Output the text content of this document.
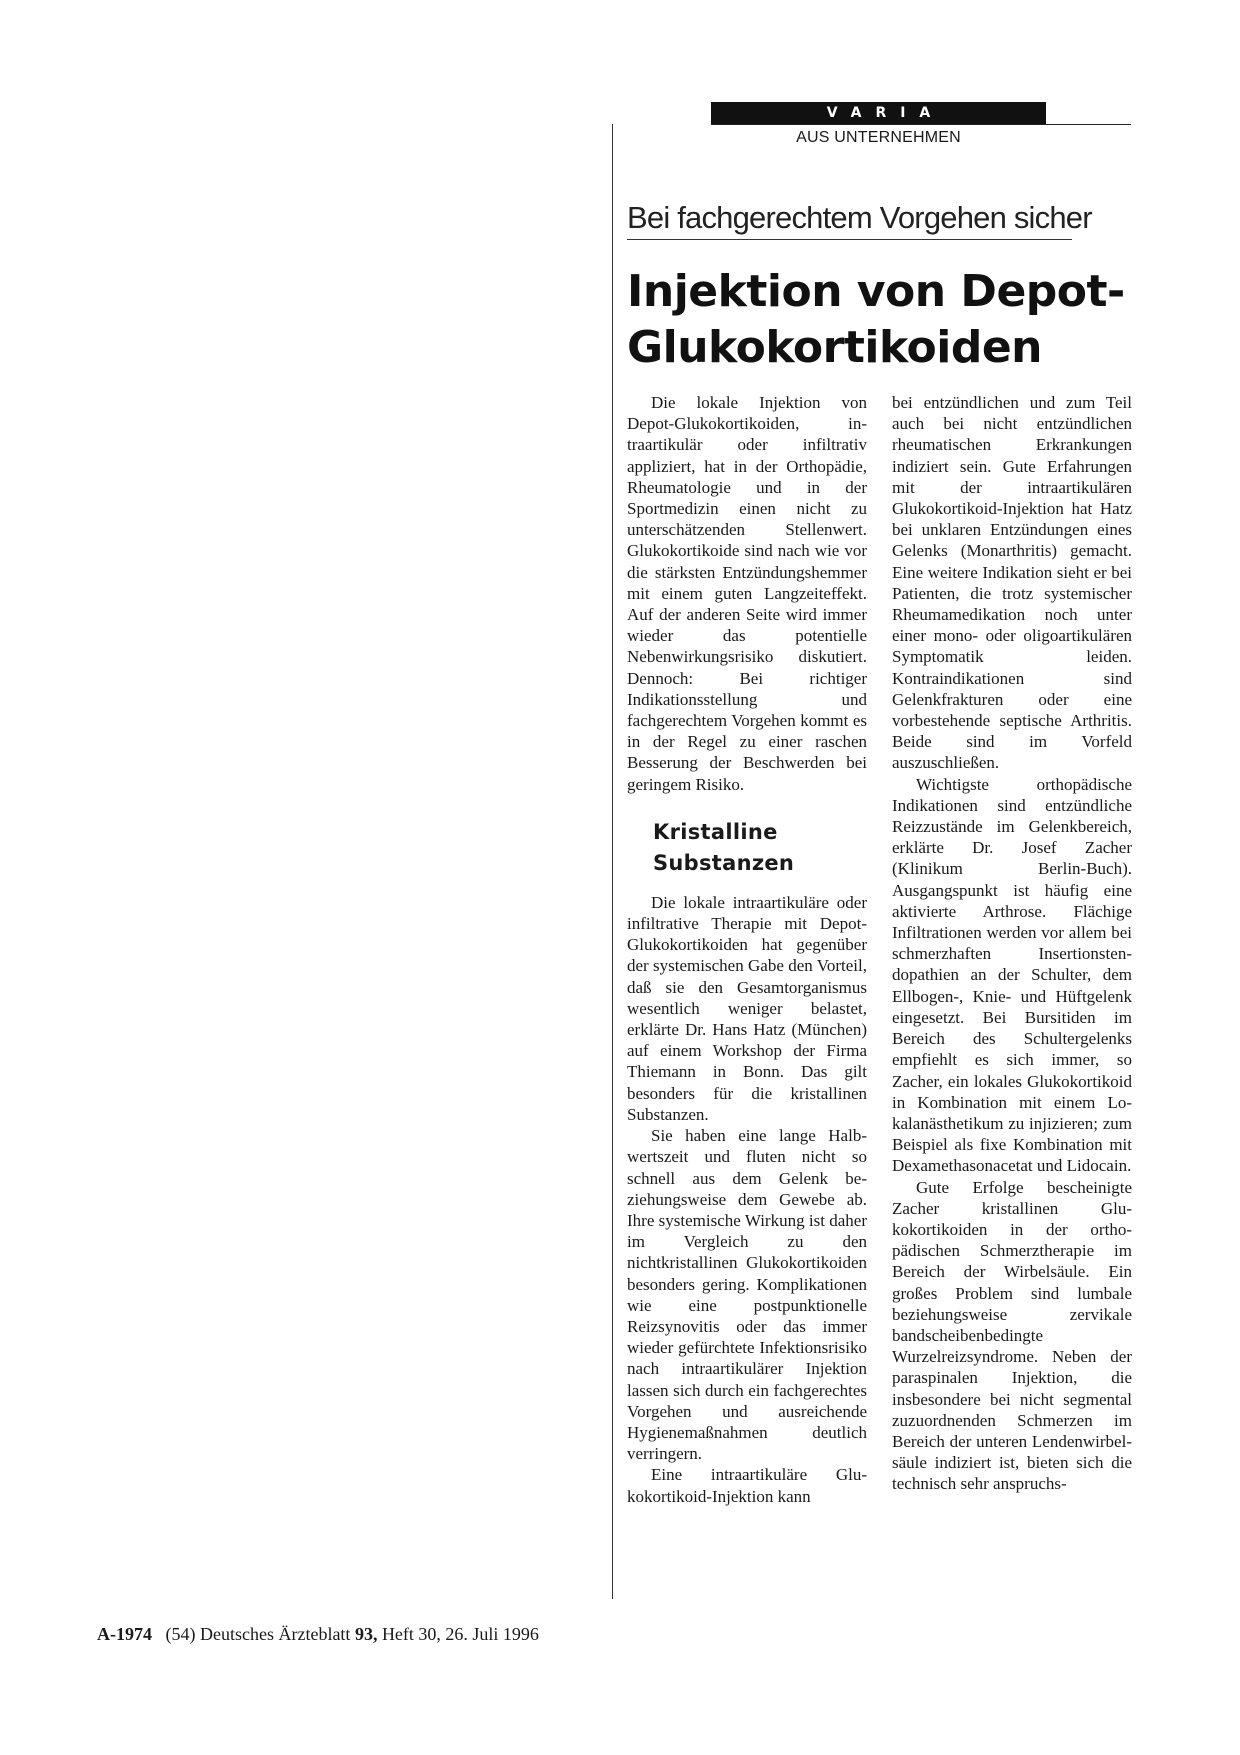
VARIA
AUS UNTERNEHMEN
Bei fachgerechtem Vorgehen sicher
Injektion von Depot-
Glukokortikoiden

Die lokale Injektion von Depot-Glukokortikoiden, intraartikulär oder infiltrativ appliziert, hat in der Orthopädie, Rheumatologie und in der Sportmedizin einen nicht zu unterschätzenden Stellenwert. Glukokortikoide sind nach wie vor die stärksten Entzündungshemmer mit einem guten Langzeiteffekt. Auf der anderen Seite wird immer wieder das potentielle Nebenwirkungsrisiko diskutiert. Dennoch: Bei richtiger Indikationsstellung und fachgerechtem Vorgehen kommt es in der Regel zu einer raschen Besserung der Beschwerden bei geringem Risiko.

Kristalline
Substanzen

Die lokale intraartikuläre oder infiltrative Therapie mit Depot-Glukokortikoiden hat gegenüber der systemischen Gabe den Vorteil, daß sie den Gesamtorganismus wesentlich weniger belastet, erklärte Dr. Hans Hatz (München) auf einem Workshop der Firma Thiemann in Bonn. Das gilt besonders für die kristallinen Substanzen.

Sie haben eine lange Halbwertszeit und fluten nicht so schnell aus dem Gelenk beziehungsweise dem Gewebe ab. Ihre systemische Wirkung ist daher im Vergleich zu den nichtkristallinen Glukokortikoiden besonders gering. Komplikationen wie eine postpunktionelle Reizsynovitis oder das immer wieder gefürchtete Infektionsrisiko nach intraartikulärer Injektion lassen sich durch ein fachgerechtes Vorgehen und ausreichende Hygienemaßnahmen deutlich verringern.

Eine intraartikuläre Glukokortikoid-Injektion kann

bei entzündlichen und zum Teil auch bei nicht entzündlichen rheumatischen Erkrankungen indiziert sein. Gute Erfahrungen mit der intraartikulären Glukokortikoid-Injektion hat Hatz bei unklaren Entzündungen eines Gelenks (Monarthritis) gemacht. Eine weitere Indikation sieht er bei Patienten, die trotz systemischer Rheumamedikation noch unter einer mono- oder oligoartikulären Symptomatik leiden. Kontraindikationen sind Gelenkfrakturen oder eine vorbestehende septische Arthritis. Beide sind im Vorfeld auszuschließen.

Wichtigste orthopädische Indikationen sind entzündliche Reizzustände im Gelenkbereich, erklärte Dr. Josef Zacher (Klinikum Berlin-Buch). Ausgangspunkt ist häufig eine aktivierte Arthrose. Flächige Infiltrationen werden vor allem bei schmerzhaften Insertionstendopathien an der Schulter, dem Ellbogen-, Knie- und Hüftgelenk eingesetzt. Bei Bursitiden im Bereich des Schultergelenks empfiehlt es sich immer, so Zacher, ein lokales Glukokortikoid in Kombination mit einem Lokalanästhetikum zu injizieren; zum Beispiel als fixe Kombination mit Dexamethasonacetat und Lidocain.

Gute Erfolge bescheinigte Zacher kristallinen Glukokortikoiden in der orthopädischen Schmerztherapie im Bereich der Wirbelsäule. Ein großes Problem sind lumbale beziehungsweise zervikale bandscheibenbedingte Wurzelreizsyndrome. Neben der paraspinalen Injektion, die insbesondere bei nicht segmental zuzuordnenden Schmerzen im Bereich der unteren Lendenwirbelsäule indiziert ist, bieten sich die technisch sehr anspruchs-

A-1974 (54) Deutsches Ärzteblatt 93, Heft 30, 26. Juli 1996
